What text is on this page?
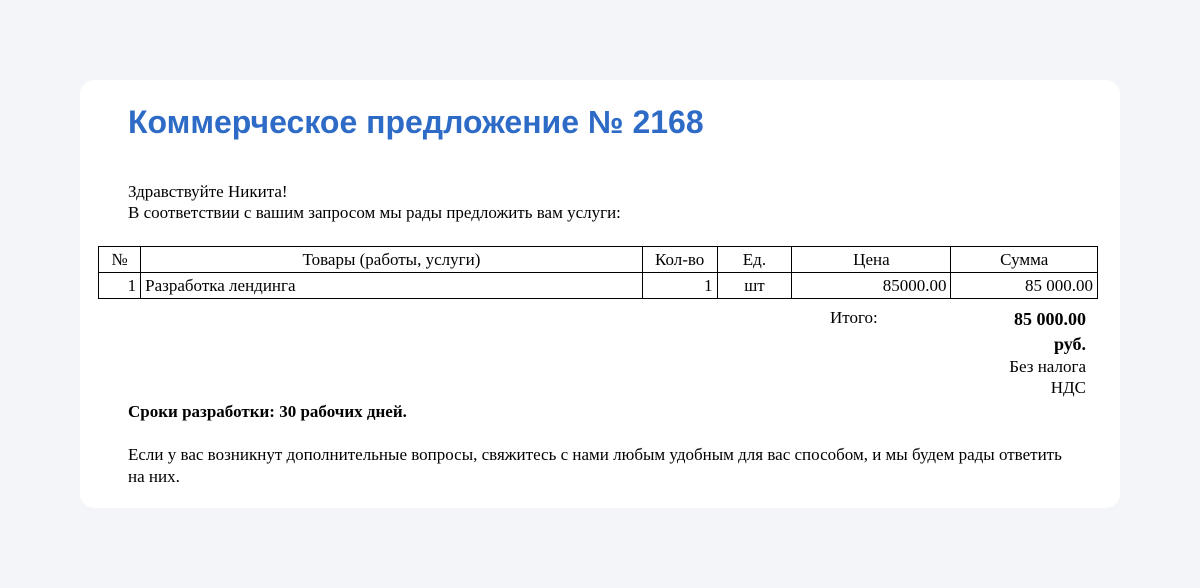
Коммерческое предложение № 2168
Здравствуйте Никита!
В соответствии с вашим запросом мы рады предложить вам услуги:
№	Товары (работы, услуги)	Кол-во	Ед.	Цена	Сумма
1	Разработка лендинга	1	шт	85000.00	85 000.00
Итого:	85 000.00 руб.
Без налога НДС
Сроки разработки: 30 рабочих дней.
Если у вас возникнут дополнительные вопросы, свяжитесь с нами любым удобным для вас способом, и мы будем рады ответить на них.
